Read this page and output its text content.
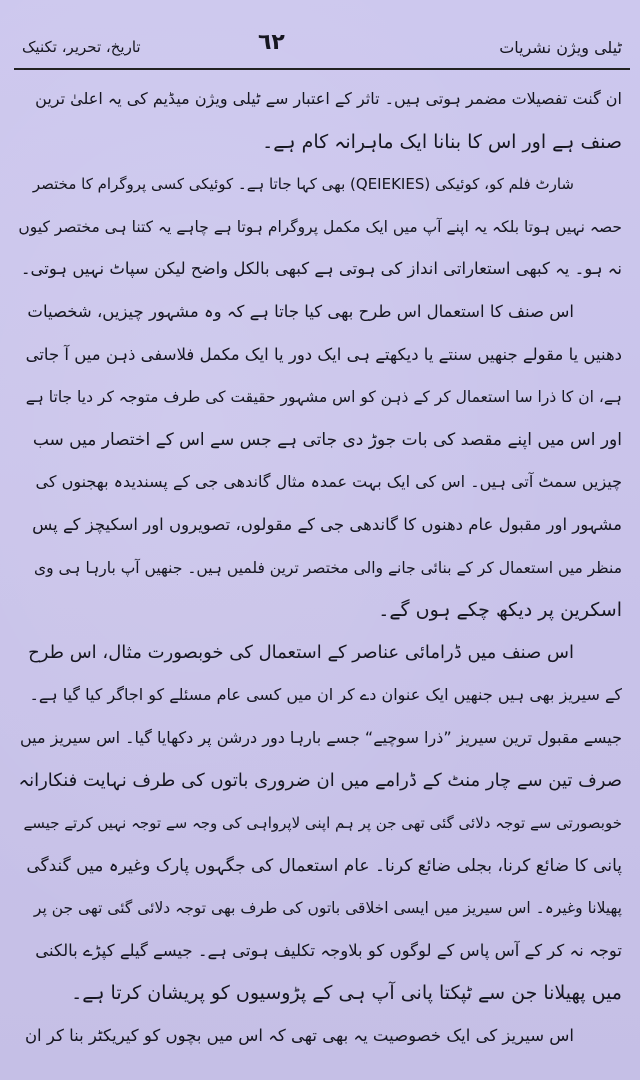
تاریخ، تحریر، تکنیک	٦٢	ٹیلی ویژن نشریات
ان گنت تفصیلات مضمر ہوتی ہیں۔ تاثر کے اعتبار سے ٹیلی ویژن میڈیم کی یہ اعلیٰ ترین
صنف ہے اور اس کا بنانا ایک ماہرانہ کام ہے۔
شارٹ فلم کو، کوئیکی (QEIEKIES) بھی کہا جاتا ہے۔ کوئیکی کسی پروگرام کا مختصر
حصہ نہیں ہوتا بلکہ یہ اپنے آپ میں ایک مکمل پروگرام ہوتا ہے چاہے یہ کتنا ہی مختصر کیوں
نہ ہو۔ یہ کبھی استعاراتی انداز کی ہوتی ہے کبھی بالکل واضح لیکن سپاٹ نہیں ہوتی۔
اس صنف کا استعمال اس طرح بھی کیا جاتا ہے کہ وہ مشہور چیزیں، شخصیات
دھنیں یا مقولے جنھیں سنتے یا دیکھتے ہی ایک دور یا ایک مکمل فلاسفی ذہن میں آ جاتی
ہے، ان کا ذرا سا استعمال کر کے ذہن کو اس مشہور حقیقت کی طرف متوجہ کر دیا جاتا ہے
اور اس میں اپنے مقصد کی بات جوڑ دی جاتی ہے جس سے اس کے اختصار میں سب
چیزیں سمٹ آتی ہیں۔ اس کی ایک بہت عمدہ مثال گاندھی جی کے پسندیدہ بھجنوں کی
مشہور اور مقبول عام دھنوں کا گاندھی جی کے مقولوں، تصویروں اور اسکیچز کے پس
منظر میں استعمال کر کے بنائی جانے والی مختصر ترین فلمیں ہیں۔ جنھیں آپ بارہا ہی وی
اسکرین پر دیکھ چکے ہوں گے۔
اس صنف میں ڈرامائی عناصر کے استعمال کی خوبصورت مثال، اس طرح
کے سیریز بھی ہیں جنھیں ایک عنوان دے کر ان میں کسی عام مسئلے کو اجاگر کیا گیا ہے۔
جیسے مقبول ترین سیریز ”ذرا سوچیے“ جسے بارہا دور درشن پر دکھایا گیا۔ اس سیریز میں
صرف تین سے چار منٹ کے ڈرامے میں ان ضروری باتوں کی طرف نہایت فنکارانہ
خوبصورتی سے توجہ دلائی گئی تھی جن پر ہم اپنی لاپرواہی کی وجہ سے توجہ نہیں کرتے جیسے
پانی کا ضائع کرنا، بجلی ضائع کرنا۔ عام استعمال کی جگہوں پارک وغیرہ میں گندگی
پھیلانا وغیرہ۔ اس سیریز میں ایسی اخلاقی باتوں کی طرف بھی توجہ دلائی گئی تھی جن پر
توجہ نہ کر کے آس پاس کے لوگوں کو بلاوجہ تکلیف ہوتی ہے۔ جیسے گیلے کپڑے بالکنی
میں پھیلانا جن سے ٹپکتا پانی آپ ہی کے پڑوسیوں کو پریشان کرتا ہے۔
اس سیریز کی ایک خصوصیت یہ بھی تھی کہ اس میں بچوں کو کیریکٹر بنا کر ان
